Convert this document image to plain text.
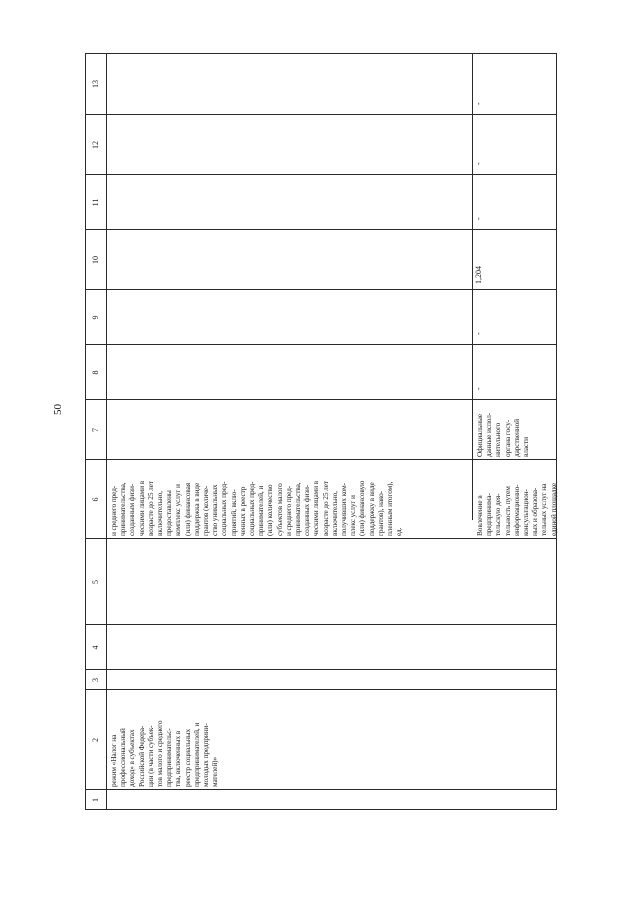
50
1
2
3
4
5
6
7
8
9
10
11
12
13
режим «Налог на
профессиональный
доход» в субъектах
Российской Федера-
ции (в части субъек-
тов малого и среднего
предпринимательс-
тва, включенных в
реестр социальных
предпринимателей, и
молодых предприни-
мателей)»
и среднего пред-
принимательства,
созданным физи-
ческими лицами в
возрасте до 25 лет
включительно,
предоставлены
комплекс услуг и
(или) финансовая
поддержка в виде
грантов (количе-
ство уникальных
социальных пред-
приятий, вклю-
ченных в реестр
социальных пред-
принимателей, и
(или) количество
субъектов малого
и среднего пред-
принимательства,
созданных физи-
ческими лицами в
возрасте до 25 лет
включительно,
получивших ком-
плекс услуг и
(или) финансовую
поддержку в виде
грантов), нако-
пленным итогом),
ед.	Вовлечение в
предпринима-
тельскую дея-
тельность путем
информационно-
консультацион-
ных и образова-
тельных услуг на
единой площадке
Официальные
данные испол-
нительного
органа госу-
дарственной
власти
-
-
1,204
-
-
-
